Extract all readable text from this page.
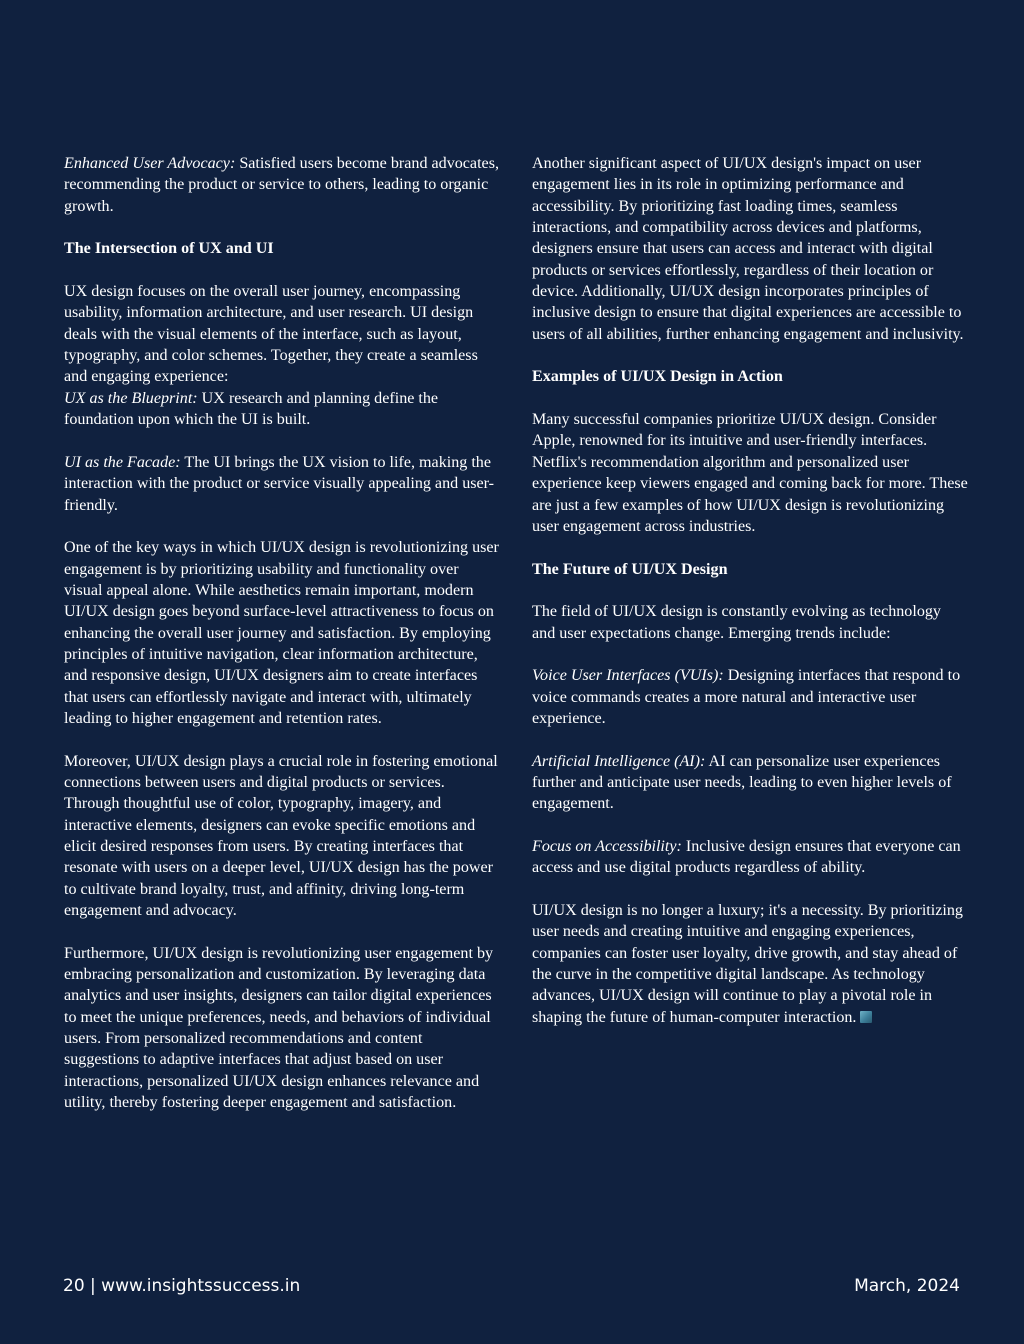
Enhanced User Advocacy: Satisfied users become brand advocates, recommending the product or service to others, leading to organic growth.

The Intersection of UX and UI

UX design focuses on the overall user journey, encompassing usability, information architecture, and user research. UI design deals with the visual elements of the interface, such as layout, typography, and color schemes. Together, they create a seamless and engaging experience:

UX as the Blueprint: UX research and planning define the foundation upon which the UI is built.

UI as the Facade: The UI brings the UX vision to life, making the interaction with the product or service visually appealing and user-friendly.

One of the key ways in which UI/UX design is revolutionizing user engagement is by prioritizing usability and functionality over visual appeal alone. While aesthetics remain important, modern UI/UX design goes beyond surface-level attractiveness to focus on enhancing the overall user journey and satisfaction. By employing principles of intuitive navigation, clear information architecture, and responsive design, UI/UX designers aim to create interfaces that users can effortlessly navigate and interact with, ultimately leading to higher engagement and retention rates.

Moreover, UI/UX design plays a crucial role in fostering emotional connections between users and digital products or services. Through thoughtful use of color, typography, imagery, and interactive elements, designers can evoke specific emotions and elicit desired responses from users. By creating interfaces that resonate with users on a deeper level, UI/UX design has the power to cultivate brand loyalty, trust, and affinity, driving long-term engagement and advocacy.

Furthermore, UI/UX design is revolutionizing user engagement by embracing personalization and customization. By leveraging data analytics and user insights, designers can tailor digital experiences to meet the unique preferences, needs, and behaviors of individual users. From personalized recommendations and content suggestions to adaptive interfaces that adjust based on user interactions, personalized UI/UX design enhances relevance and utility, thereby fostering deeper engagement and satisfaction.

Another significant aspect of UI/UX design's impact on user engagement lies in its role in optimizing performance and accessibility. By prioritizing fast loading times, seamless interactions, and compatibility across devices and platforms, designers ensure that users can access and interact with digital products or services effortlessly, regardless of their location or device. Additionally, UI/UX design incorporates principles of inclusive design to ensure that digital experiences are accessible to users of all abilities, further enhancing engagement and inclusivity.

Examples of UI/UX Design in Action

Many successful companies prioritize UI/UX design. Consider Apple, renowned for its intuitive and user-friendly interfaces. Netflix's recommendation algorithm and personalized user experience keep viewers engaged and coming back for more. These are just a few examples of how UI/UX design is revolutionizing user engagement across industries.

The Future of UI/UX Design

The field of UI/UX design is constantly evolving as technology and user expectations change. Emerging trends include:

Voice User Interfaces (VUIs): Designing interfaces that respond to voice commands creates a more natural and interactive user experience.

Artificial Intelligence (AI): AI can personalize user experiences further and anticipate user needs, leading to even higher levels of engagement.

Focus on Accessibility: Inclusive design ensures that everyone can access and use digital products regardless of ability.

UI/UX design is no longer a luxury; it's a necessity. By prioritizing user needs and creating intuitive and engaging experiences, companies can foster user loyalty, drive growth, and stay ahead of the curve in the competitive digital landscape. As technology advances, UI/UX design will continue to play a pivotal role in shaping the future of human-computer interaction.

20 | www.insightssuccess.in	March, 2024
